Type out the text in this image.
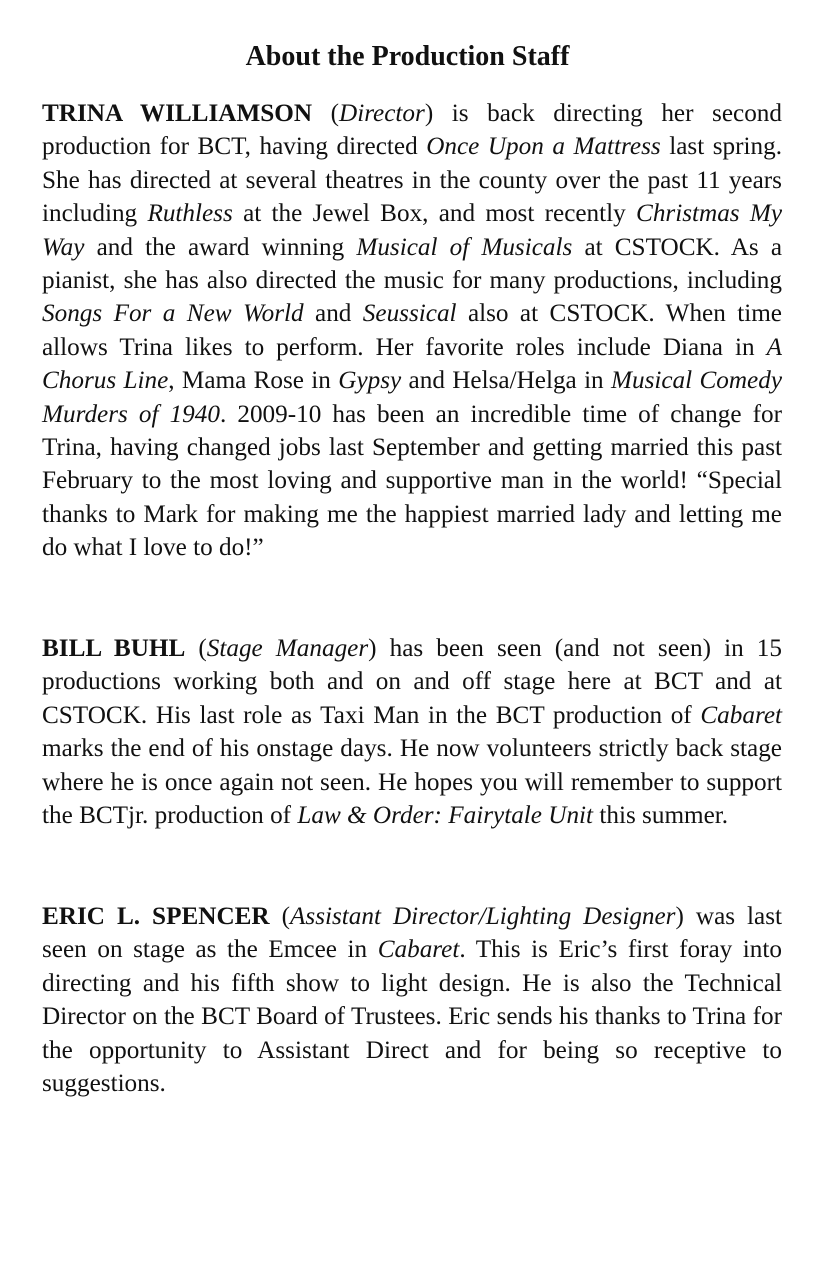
About the Production Staff

TRINA WILLIAMSON (Director) is back directing her second production for BCT, having directed Once Upon a Mattress last spring. She has directed at several theatres in the county over the past 11 years including Ruthless at the Jewel Box, and most recently Christmas My Way and the award winning Musical of Musicals at CSTOCK. As a pianist, she has also directed the music for many productions, including Songs For a New World and Seussical also at CSTOCK. When time allows Trina likes to perform. Her favorite roles include Diana in A Chorus Line, Mama Rose in Gypsy and Helsa/Helga in Musical Comedy Murders of 1940. 2009-10 has been an incredible time of change for Trina, having changed jobs last September and getting married this past February to the most loving and supportive man in the world! “Special thanks to Mark for making me the happiest married lady and letting me do what I love to do!”

BILL BUHL (Stage Manager) has been seen (and not seen) in 15 productions working both and on and off stage here at BCT and at CSTOCK. His last role as Taxi Man in the BCT production of Cabaret marks the end of his onstage days. He now volunteers strictly back stage where he is once again not seen. He hopes you will remember to support the BCTjr. production of Law & Order: Fairytale Unit this summer.

ERIC L. SPENCER (Assistant Director/Lighting Designer) was last seen on stage as the Emcee in Cabaret. This is Eric’s first foray into directing and his fifth show to light design. He is also the Technical Director on the BCT Board of Trustees. Eric sends his thanks to Trina for the opportunity to Assistant Direct and for being so receptive to suggestions.
